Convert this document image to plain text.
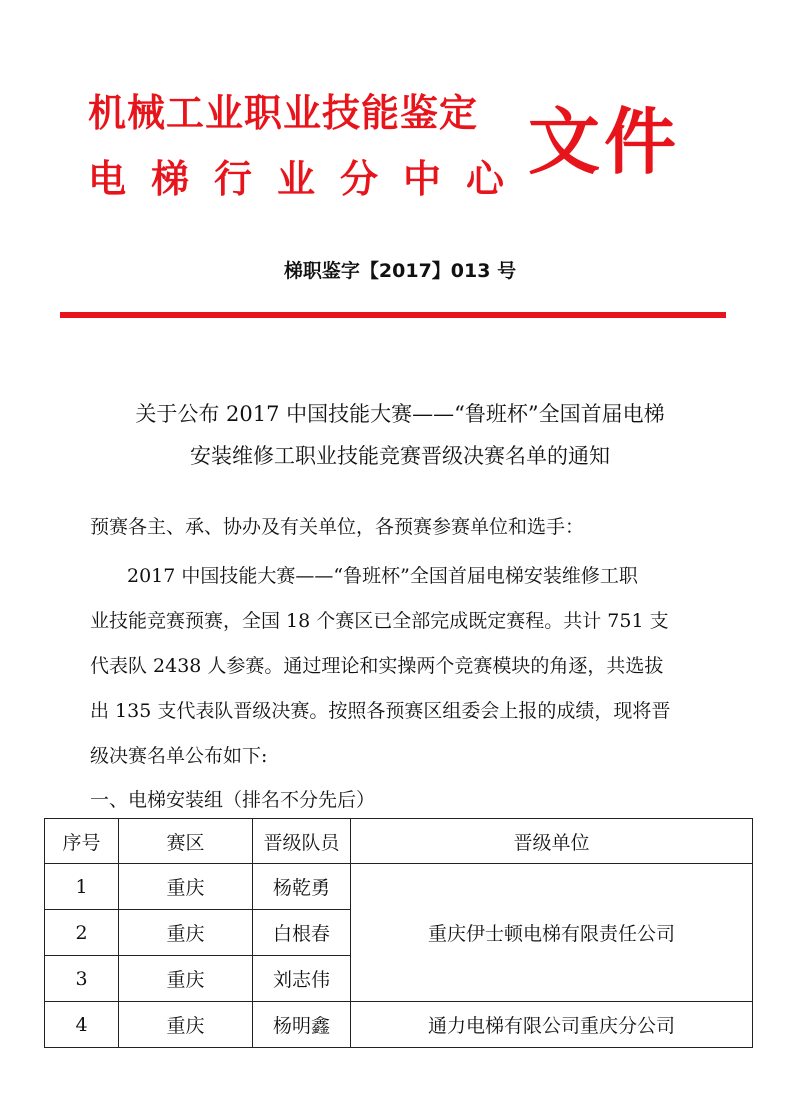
机械工业职业技能鉴定
电梯行业分中心
文件
梯职鉴字【2017】013 号
关于公布 2017 中国技能大赛——“鲁班杯”全国首届电梯
安装维修工职业技能竞赛晋级决赛名单的通知
预赛各主、承、协办及有关单位，各预赛参赛单位和选手：
2017 中国技能大赛——“鲁班杯”全国首届电梯安装维修工职
业技能竞赛预赛，全国 18 个赛区已全部完成既定赛程。共计 751 支
代表队 2438 人参赛。通过理论和实操两个竞赛模块的角逐，共选拔
出 135 支代表队晋级决赛。按照各预赛区组委会上报的成绩，现将晋
级决赛名单公布如下:
一、电梯安装组（排名不分先后）
序号	赛区	晋级队员	晋级单位
1	重庆	杨乾勇	重庆伊士顿电梯有限责任公司
2	重庆	白根春	
3	重庆	刘志伟	
4	重庆	杨明鑫	通力电梯有限公司重庆分公司
